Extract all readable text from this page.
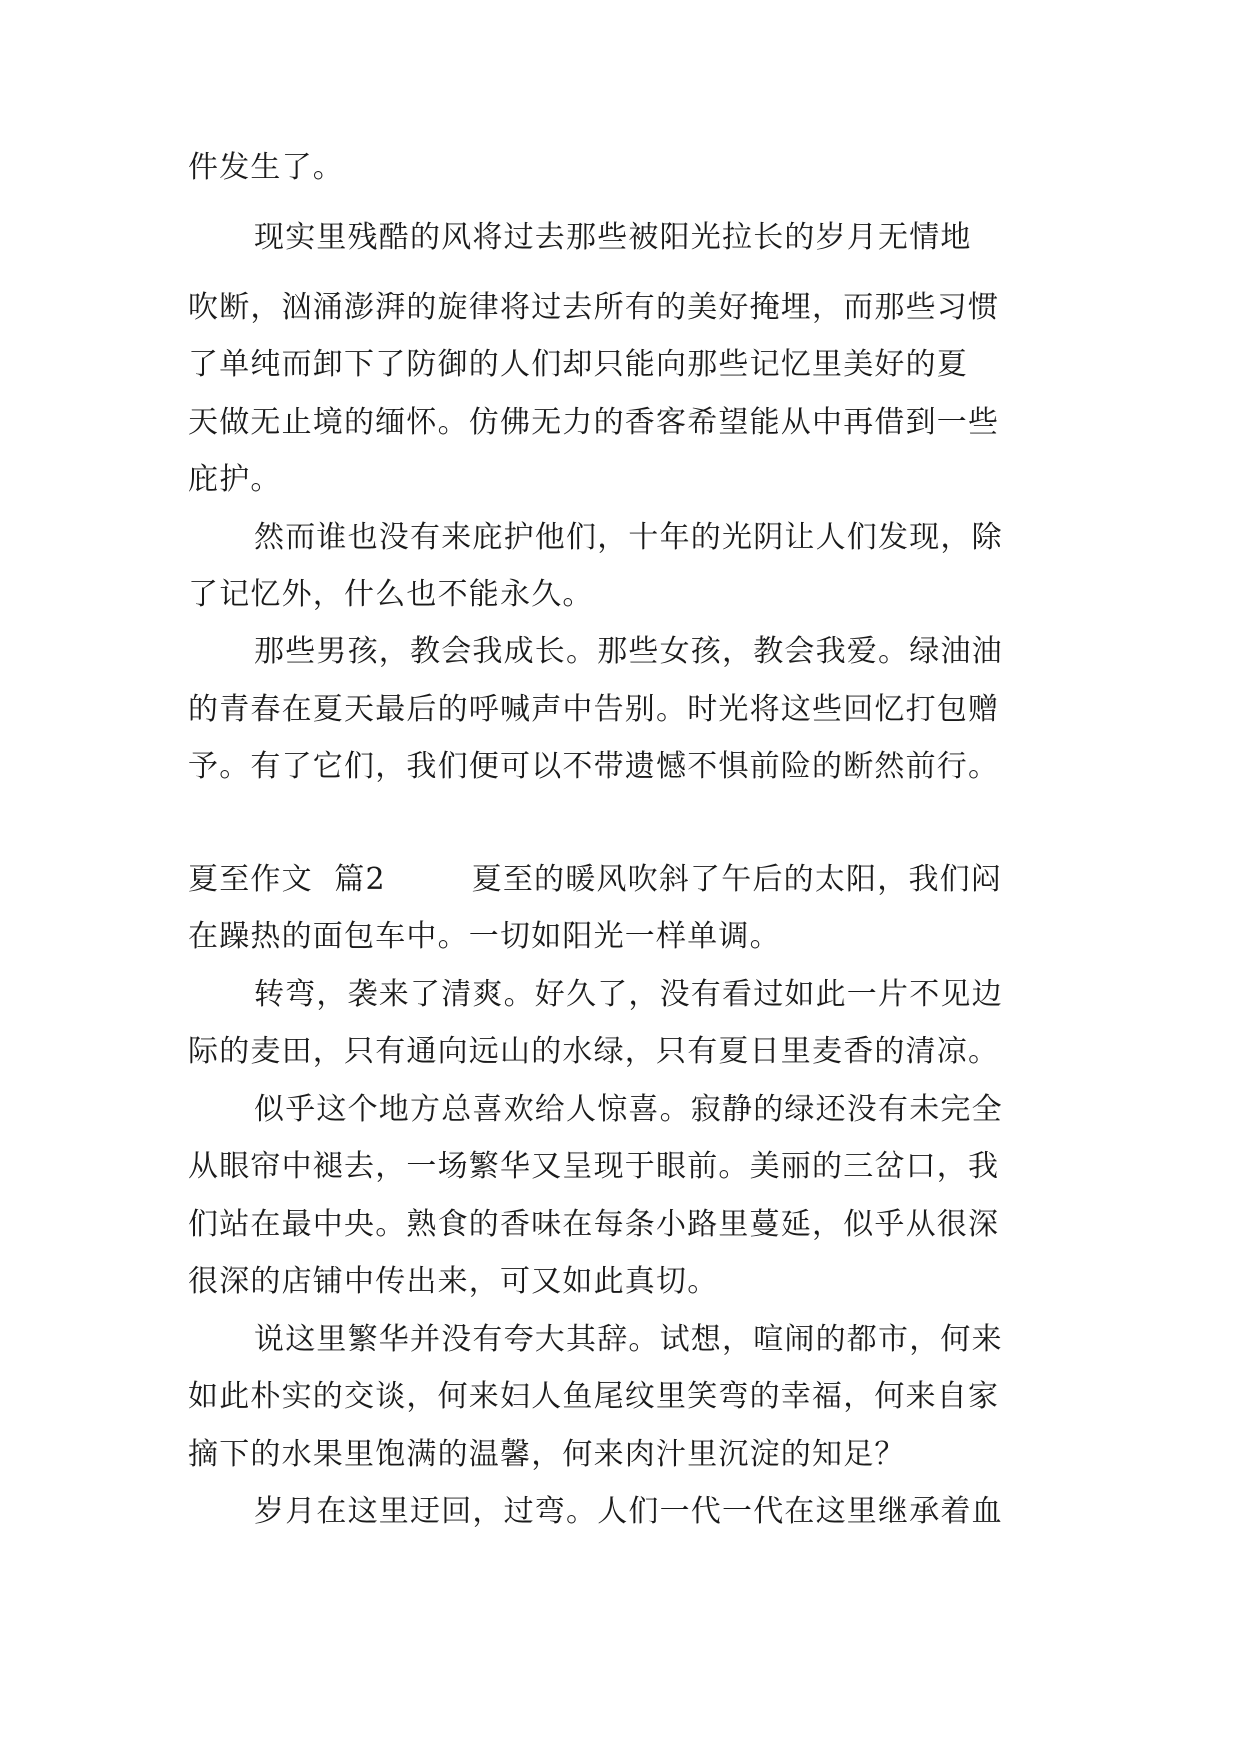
件发生了。
现实里残酷的风将过去那些被阳光拉长的岁月无情地
吹断，汹涌澎湃的旋律将过去所有的美好掩埋，而那些习惯
了单纯而卸下了防御的人们却只能向那些记忆里美好的夏
天做无止境的缅怀。仿佛无力的香客希望能从中再借到一些
庇护。
然而谁也没有来庇护他们，十年的光阴让人们发现，除
了记忆外，什么也不能永久。
那些男孩，教会我成长。那些女孩，教会我爱。绿油油
的青春在夏天最后的呼喊声中告别。时光将这些回忆打包赠
予。有了它们，我们便可以不带遗憾不惧前险的断然前行。
夏至作文  篇2        夏至的暖风吹斜了午后的太阳，我们闷
在躁热的面包车中。一切如阳光一样单调。
转弯，袭来了清爽。好久了，没有看过如此一片不见边
际的麦田，只有通向远山的水绿，只有夏日里麦香的清凉。
似乎这个地方总喜欢给人惊喜。寂静的绿还没有未完全
从眼帘中褪去，一场繁华又呈现于眼前。美丽的三岔口，我
们站在最中央。熟食的香味在每条小路里蔓延，似乎从很深
很深的店铺中传出来，可又如此真切。
说这里繁华并没有夸大其辞。试想，喧闹的都市，何来
如此朴实的交谈，何来妇人鱼尾纹里笑弯的幸福，何来自家
摘下的水果里饱满的温馨，何来肉汁里沉淀的知足？
岁月在这里迂回，过弯。人们一代一代在这里继承着血
